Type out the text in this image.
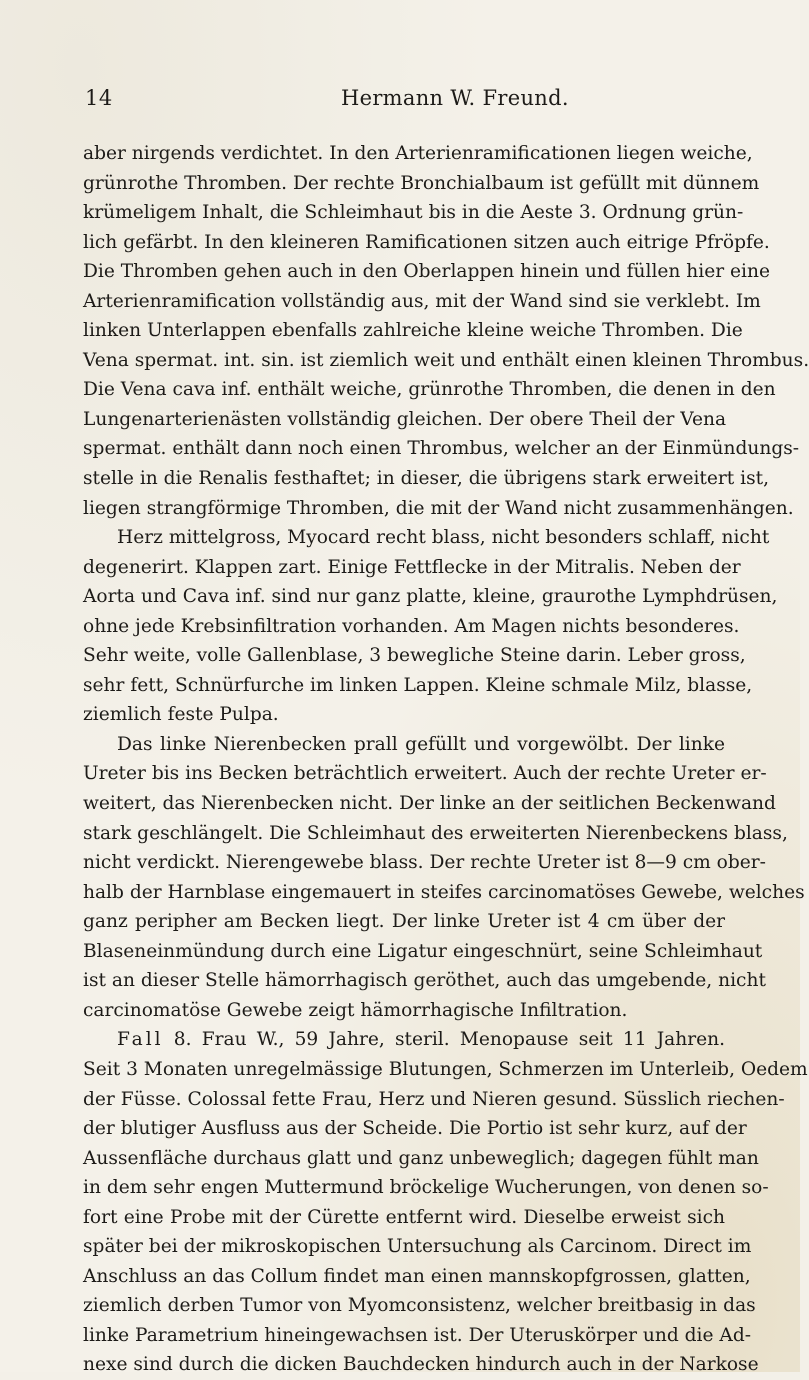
14	Hermann W. Freund.
aber nirgends verdichtet. In den Arterienramificationen liegen weiche,
grünrothe Thromben. Der rechte Bronchialbaum ist gefüllt mit dünnem
krümeligem Inhalt, die Schleimhaut bis in die Aeste 3. Ordnung grün-
lich gefärbt. In den kleineren Ramificationen sitzen auch eitrige Pfröpfe.
Die Thromben gehen auch in den Oberlappen hinein und füllen hier eine
Arterienramification vollständig aus, mit der Wand sind sie verklebt. Im
linken Unterlappen ebenfalls zahlreiche kleine weiche Thromben. Die
Vena spermat. int. sin. ist ziemlich weit und enthält einen kleinen Thrombus.
Die Vena cava inf. enthält weiche, grünrothe Thromben, die denen in den
Lungenarterienästen vollständig gleichen. Der obere Theil der Vena
spermat. enthält dann noch einen Thrombus, welcher an der Einmündungs-
stelle in die Renalis festhaftet; in dieser, die übrigens stark erweitert ist,
liegen strangförmige Thromben, die mit der Wand nicht zusammenhängen.
Herz mittelgross, Myocard recht blass, nicht besonders schlaff, nicht
degenerirt. Klappen zart. Einige Fettflecke in der Mitralis. Neben der
Aorta und Cava inf. sind nur ganz platte, kleine, graurothe Lymphdrüsen,
ohne jede Krebsinfiltration vorhanden. Am Magen nichts besonderes.
Sehr weite, volle Gallenblase, 3 bewegliche Steine darin. Leber gross,
sehr fett, Schnürfurche im linken Lappen. Kleine schmale Milz, blasse,
ziemlich feste Pulpa.
Das linke Nierenbecken prall gefüllt und vorgewölbt. Der linke
Ureter bis ins Becken beträchtlich erweitert. Auch der rechte Ureter er-
weitert, das Nierenbecken nicht. Der linke an der seitlichen Beckenwand
stark geschlängelt. Die Schleimhaut des erweiterten Nierenbeckens blass,
nicht verdickt. Nierengewebe blass. Der rechte Ureter ist 8—9 cm ober-
halb der Harnblase eingemauert in steifes carcinomatöses Gewebe, welches
ganz peripher am Becken liegt. Der linke Ureter ist 4 cm über der
Blaseneinmündung durch eine Ligatur eingeschnürt, seine Schleimhaut
ist an dieser Stelle hämorrhagisch geröthet, auch das umgebende, nicht
carcinomatöse Gewebe zeigt hämorrhagische Infiltration.
Fall 8. Frau W., 59 Jahre, steril. Menopause seit 11 Jahren.
Seit 3 Monaten unregelmässige Blutungen, Schmerzen im Unterleib, Oedem
der Füsse. Colossal fette Frau, Herz und Nieren gesund. Süsslich riechen-
der blutiger Ausfluss aus der Scheide. Die Portio ist sehr kurz, auf der
Aussenfläche durchaus glatt und ganz unbeweglich; dagegen fühlt man
in dem sehr engen Muttermund bröckelige Wucherungen, von denen so-
fort eine Probe mit der Cürette entfernt wird. Dieselbe erweist sich
später bei der mikroskopischen Untersuchung als Carcinom. Direct im
Anschluss an das Collum findet man einen mannskopfgrossen, glatten,
ziemlich derben Tumor von Myomconsistenz, welcher breitbasig in das
linke Parametrium hineingewachsen ist. Der Uteruskörper und die Ad-
nexe sind durch die dicken Bauchdecken hindurch auch in der Narkose
